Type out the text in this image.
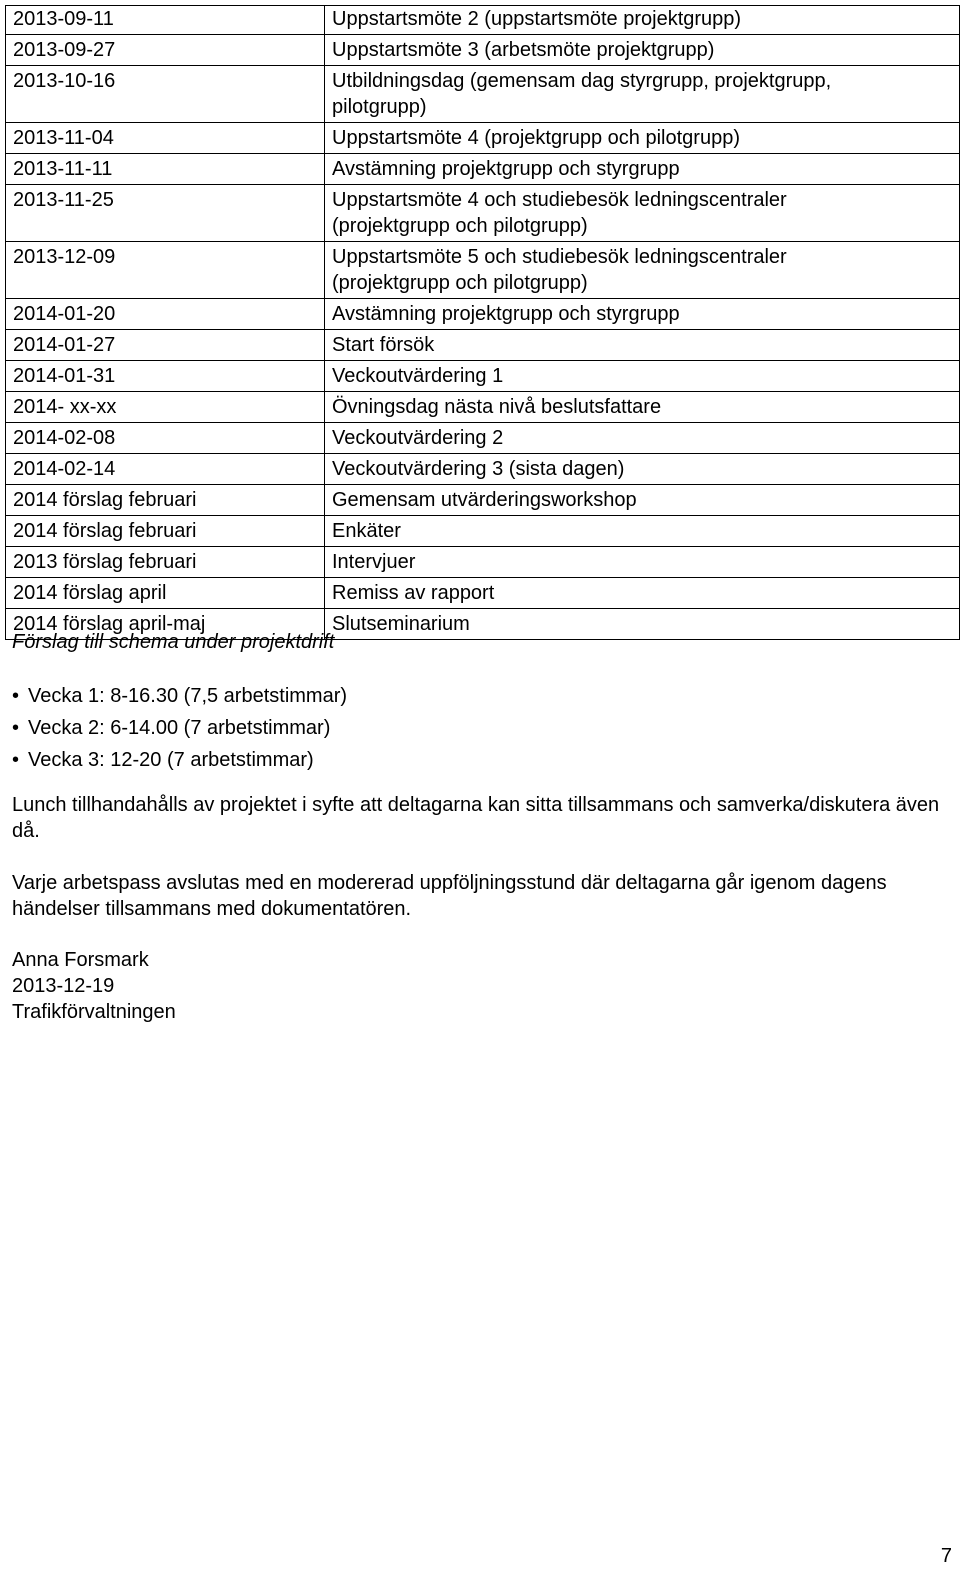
2013-09-11	Uppstartsmöte 2 (uppstartsmöte projektgrupp)
2013-09-27	Uppstartsmöte 3 (arbetsmöte projektgrupp)
2013-10-16	Utbildningsdag (gemensam dag styrgrupp, projektgrupp,
pilotgrupp)
2013-11-04	Uppstartsmöte 4 (projektgrupp och pilotgrupp)
2013-11-11	Avstämning projektgrupp och styrgrupp
2013-11-25	Uppstartsmöte 4 och studiebesök ledningscentraler
(projektgrupp och pilotgrupp)
2013-12-09	Uppstartsmöte 5 och studiebesök ledningscentraler
(projektgrupp och pilotgrupp)
2014-01-20	Avstämning projektgrupp och styrgrupp
2014-01-27	Start försök
2014-01-31	Veckoutvärdering 1
2014- xx-xx	Övningsdag nästa nivå beslutsfattare
2014-02-08	Veckoutvärdering 2
2014-02-14	Veckoutvärdering 3 (sista dagen)
2014 förslag februari	Gemensam utvärderingsworkshop
2014 förslag februari	Enkäter
2013 förslag februari	Intervjuer
2014 förslag april	Remiss av rapport
2014 förslag april-maj	Slutseminarium

Förslag till schema under projektdrift

• Vecka 1: 8-16.30 (7,5 arbetstimmar)
• Vecka 2: 6-14.00 (7 arbetstimmar)
• Vecka 3: 12-20 (7 arbetstimmar)

Lunch tillhandahålls av projektet i syfte att deltagarna kan sitta tillsammans och samverka/diskutera även då.

Varje arbetspass avslutas med en modererad uppföljningsstund där deltagarna går igenom dagens händelser tillsammans med dokumentatören.

Anna Forsmark
2013-12-19
Trafikförvaltningen
7
